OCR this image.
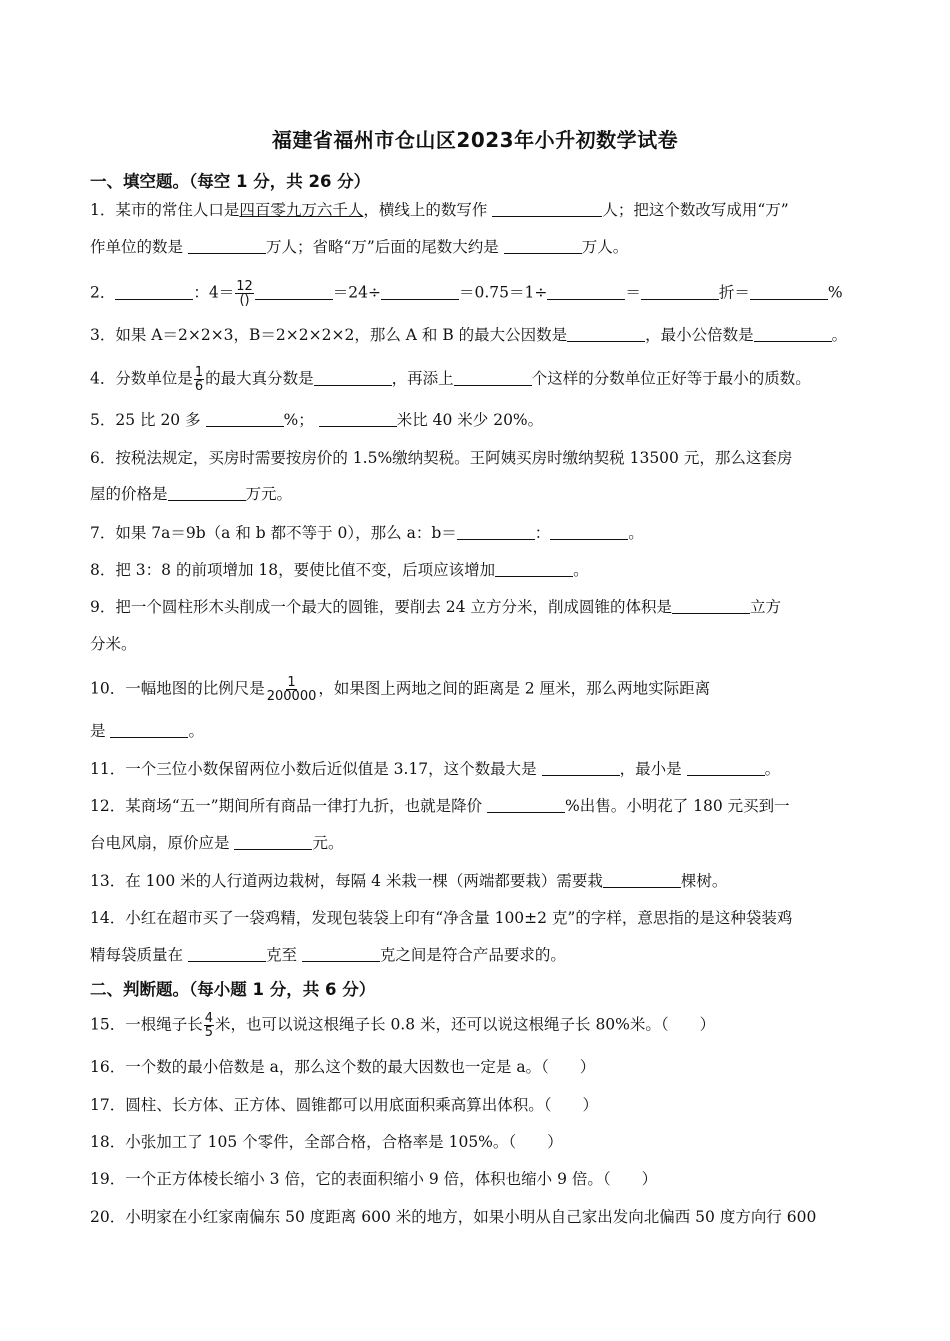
福建省福州市仓山区2023年小升初数学试卷
一、填空题。（每空 1 分，共 26 分）
1．某市的常住人口是四百零九万六千人，横线上的数写作	人；把这个数改写成用“万”
作单位的数是	万人；省略“万”后面的尾数大约是	万人。
2．	：$4= \frac{12}{()}$	＝24÷	＝0.75＝1÷	＝	折＝	%
3．如果 A＝2×2×3，B＝2×2×2×2，那么 A 和 B 的最大公因数是	，最小公倍数是	。
4．分数单位是 $\frac{1}{6}$ 的最大真分数是	，再添上	个这样的分数单位正好等于最小的质数。
5．25 比 20 多	%；	米比 40 米少 20%。
6．按税法规定，买房时需要按房价的 1.5%缴纳契税。王阿姨买房时缴纳契税 13500 元，那么这套房
屋的价格是	万元。
7．如果 7a＝9b（a 和 b 都不等于 0），那么 a：b＝	：	。
8．把 3：8 的前项增加 18，要使比值不变，后项应该增加	。
9．把一个圆柱形木头削成一个最大的圆锥，要削去 24 立方分米，削成圆锥的体积是	立方
分米。
10．一幅地图的比例尺是 $\frac{1}{200000}$ ，如果图上两地之间的距离是 2 厘米，那么两地实际距离
是	。
11．一个三位小数保留两位小数后近似值是 3.17，这个数最大是	，最小是	。
12．某商场“五一”期间所有商品一律打九折，也就是降价	%出售。小明花了 180 元买到一
台电风扇，原价应是	元。
13．在 100 米的人行道两边栽树，每隔 4 米栽一棵（两端都要栽）需要栽	棵树。
14．小红在超市买了一袋鸡精，发现包装袋上印有“净含量 100±2 克”的字样，意思指的是这种袋装鸡
精每袋质量在	克至	克之间是符合产品要求的。
二、判断题。（每小题 1 分，共 6 分）
15．一根绳子长 $\frac{4}{5}$ 米，也可以说这根绳子长 0.8 米，还可以说这根绳子长 80%米。（　　）
16．一个数的最小倍数是 a，那么这个数的最大因数也一定是 a。（　　）
17．圆柱、长方体、正方体、圆锥都可以用底面积乘高算出体积。（　　）
18．小张加工了 105 个零件，全部合格，合格率是 105%。（　　）
19．一个正方体棱长缩小 3 倍，它的表面积缩小 9 倍，体积也缩小 9 倍。（　　）
20．小明家在小红家南偏东 50 度距离 600 米的地方，如果小明从自己家出发向北偏西 50 度方向行 600
